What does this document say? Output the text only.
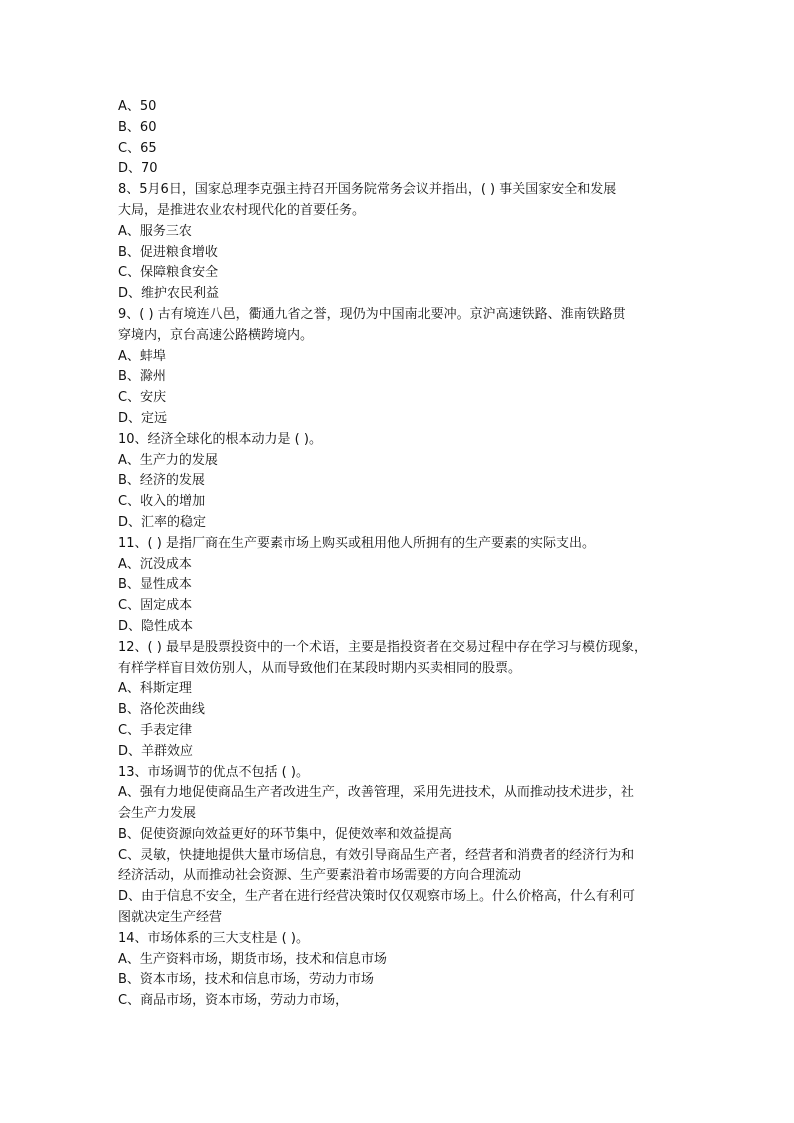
A、50
B、60
C、65
D、70
8、5月6日，国家总理李克强主持召开国务院常务会议并指出，( ) 事关国家安全和发展
大局，是推进农业农村现代化的首要任务。
A、服务三农
B、促进粮食增收
C、保障粮食安全
D、维护农民利益
9、( ) 古有境连八邑，衢通九省之誉，现仍为中国南北要冲。京沪高速铁路、淮南铁路贯
穿境内，京台高速公路横跨境内。
A、蚌埠
B、滁州
C、安庆
D、定远
10、经济全球化的根本动力是 ( )。
A、生产力的发展
B、经济的发展
C、收入的增加
D、汇率的稳定
11、( ) 是指厂商在生产要素市场上购买或租用他人所拥有的生产要素的实际支出。
A、沉没成本
B、显性成本
C、固定成本
D、隐性成本
12、( ) 最早是股票投资中的一个术语，主要是指投资者在交易过程中存在学习与模仿现象，
有样学样盲目效仿别人，从而导致他们在某段时期内买卖相同的股票。
A、科斯定理
B、洛伦茨曲线
C、手表定律
D、羊群效应
13、市场调节的优点不包括 ( )。
A、强有力地促使商品生产者改进生产，改善管理，采用先进技术，从而推动技术进步，社
会生产力发展
B、促使资源向效益更好的环节集中，促使效率和效益提高
C、灵敏，快捷地提供大量市场信息，有效引导商品生产者，经营者和消费者的经济行为和
经济活动，从而推动社会资源、生产要素沿着市场需要的方向合理流动
D、由于信息不安全，生产者在进行经营决策时仅仅观察市场上。什么价格高，什么有利可
图就决定生产经营
14、市场体系的三大支柱是 ( )。
A、生产资料市场，期货市场，技术和信息市场
B、资本市场，技术和信息市场，劳动力市场
C、商品市场，资本市场，劳动力市场，
